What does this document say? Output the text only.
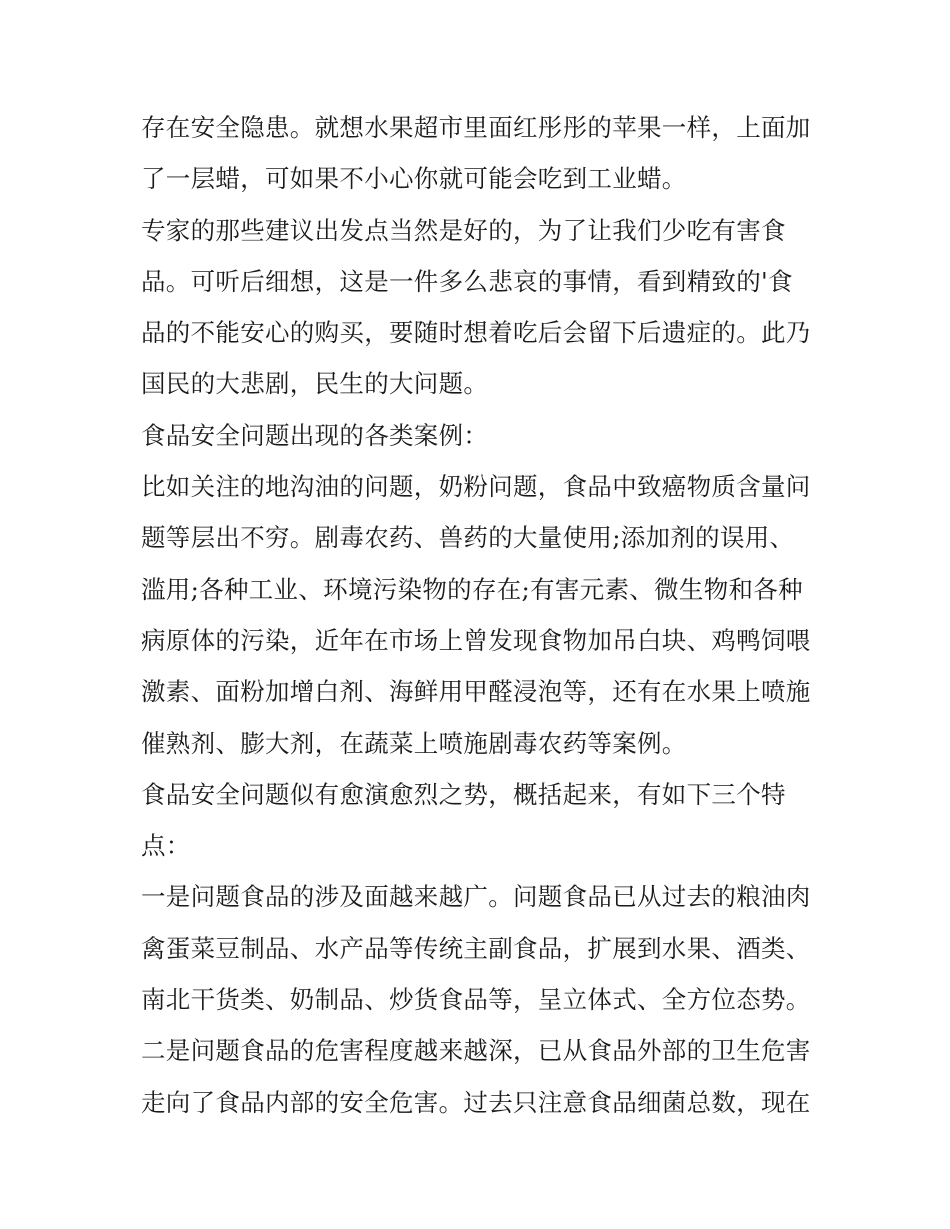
存在安全隐患。就想水果超市里面红彤彤的苹果一样，上面加
了一层蜡，可如果不小心你就可能会吃到工业蜡。
专家的那些建议出发点当然是好的，为了让我们少吃有害食
品。可听后细想，这是一件多么悲哀的事情，看到精致的'食
品的不能安心的购买，要随时想着吃后会留下后遗症的。此乃
国民的大悲剧，民生的大问题。
食品安全问题出现的各类案例：
比如关注的地沟油的问题，奶粉问题，食品中致癌物质含量问
题等层出不穷。剧毒农药、兽药的大量使用;添加剂的误用、
滥用;各种工业、环境污染物的存在;有害元素、微生物和各种
病原体的污染，近年在市场上曾发现食物加吊白块、鸡鸭饲喂
激素、面粉加增白剂、海鲜用甲醛浸泡等，还有在水果上喷施
催熟剂、膨大剂，在蔬菜上喷施剧毒农药等案例。
食品安全问题似有愈演愈烈之势，概括起来，有如下三个特
点：
一是问题食品的涉及面越来越广。问题食品已从过去的粮油肉
禽蛋菜豆制品、水产品等传统主副食品，扩展到水果、酒类、
南北干货类、奶制品、炒货食品等，呈立体式、全方位态势。
二是问题食品的危害程度越来越深，已从食品外部的卫生危害
走向了食品内部的安全危害。过去只注意食品细菌总数，现在
